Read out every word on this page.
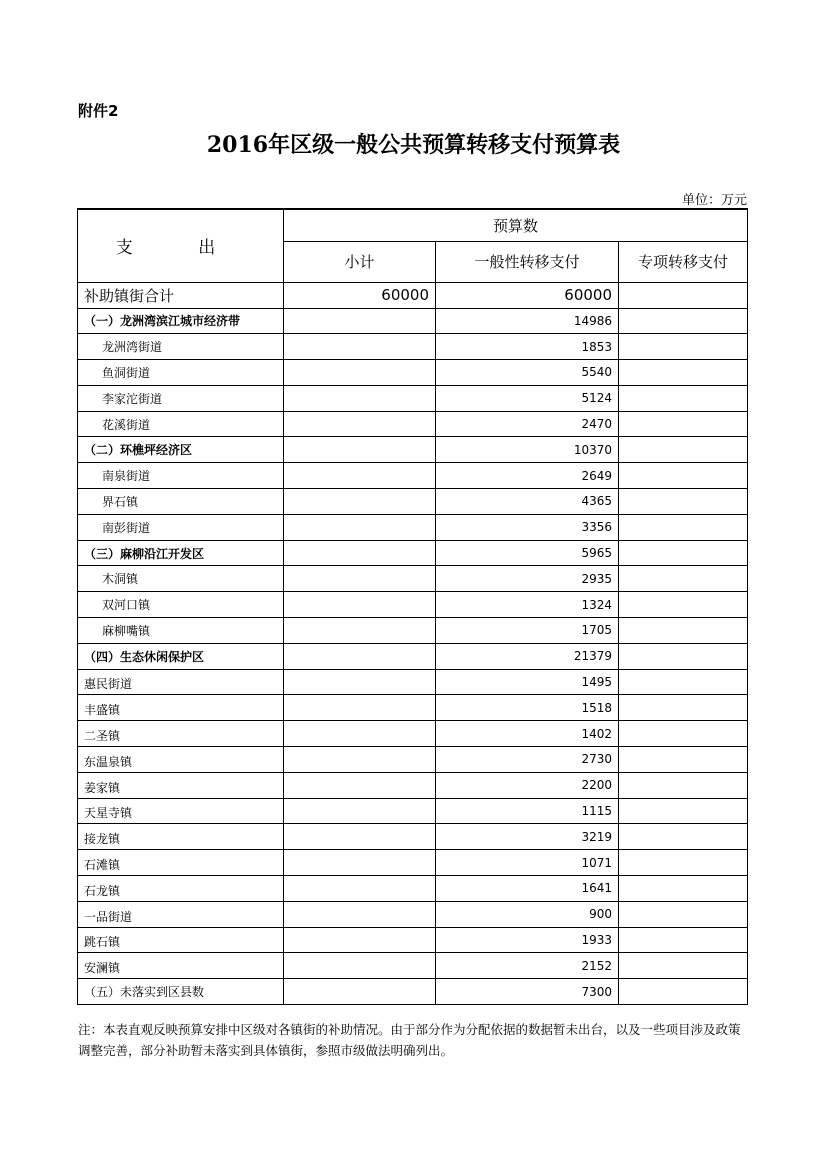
附件2
2016年区级一般公共预算转移支付预算表
单位：万元
支 出	预算数		
	小计	一般性转移支付	专项转移支付
补助镇街合计	60000	60000	
（一）龙洲湾滨江城市经济带		14986	
龙洲湾街道		1853	
鱼洞街道		5540	
李家沱街道		5124	
花溪街道		2470	
（二）环樵坪经济区		10370	
南泉街道		2649	
界石镇		4365	
南彭街道		3356	
（三）麻柳沿江开发区		5965	
木洞镇		2935	
双河口镇		1324	
麻柳嘴镇		1705	
（四）生态休闲保护区		21379	
惠民街道		1495	
丰盛镇		1518	
二圣镇		1402	
东温泉镇		2730	
姜家镇		2200	
天星寺镇		1115	
接龙镇		3219	
石滩镇		1071	
石龙镇		1641	
一品街道		900	
跳石镇		1933	
安澜镇		2152	
（五）未落实到区县数		7300	
注：本表直观反映预算安排中区级对各镇街的补助情况。由于部分作为分配依据的数据暂未出台，以及一些项目涉及政策调整完善，部分补助暂未落实到具体镇街，参照市级做法明确列出。
